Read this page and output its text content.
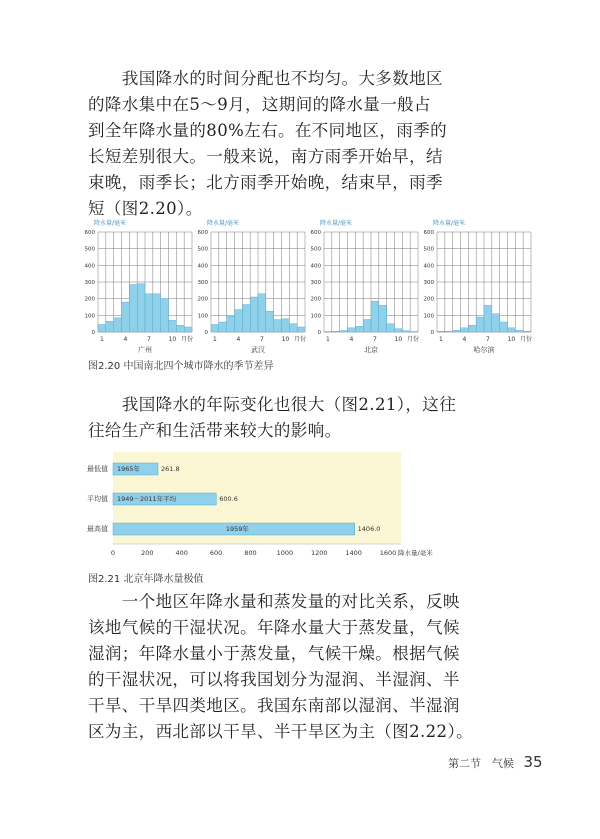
　　我国降水的时间分配也不均匀。大多数地区
的降水集中在5～9月，这期间的降水量一般占
到全年降水量的80%左右。在不同地区，雨季的
长短差别很大。一般来说，南方雨季开始早，结
束晚，雨季长；北方雨季开始晚，结束早，雨季
短（图2.20）。
降水量/毫米
0
100
200
300
400
500
600
1	4	7	10 月份
广州
降水量/毫米
0
100
200
300
400
500
600
1	4	7	10 月份
武汉
降水量/毫米
0
100
200
300
400
500
600
1	4	7	10 月份
北京
降水量/毫米
0
100
200
300
400
500
600
1	4	7	10 月份
哈尔滨
图2.20 中国南北四个城市降水的季节差异
　　我国降水的年际变化也很大（图2.21），这往
往给生产和生活带来较大的影响。
最低值 1965年	261.8
平均值 1949－2011年平均	600.6
最高值	1959年	1406.0
0	200	400	600	800	1000	1200	1400	1600 降水量/毫米
图2.21 北京年降水量极值
　　一个地区年降水量和蒸发量的对比关系，反映
该地气候的干湿状况。年降水量大于蒸发量，气候
湿润；年降水量小于蒸发量，气候干燥。根据气候
的干湿状况，可以将我国划分为湿润、半湿润、半
干旱、干旱四类地区。我国东南部以湿润、半湿润
区为主，西北部以干旱、半干旱区为主（图2.22）。
第二节　气候 35
